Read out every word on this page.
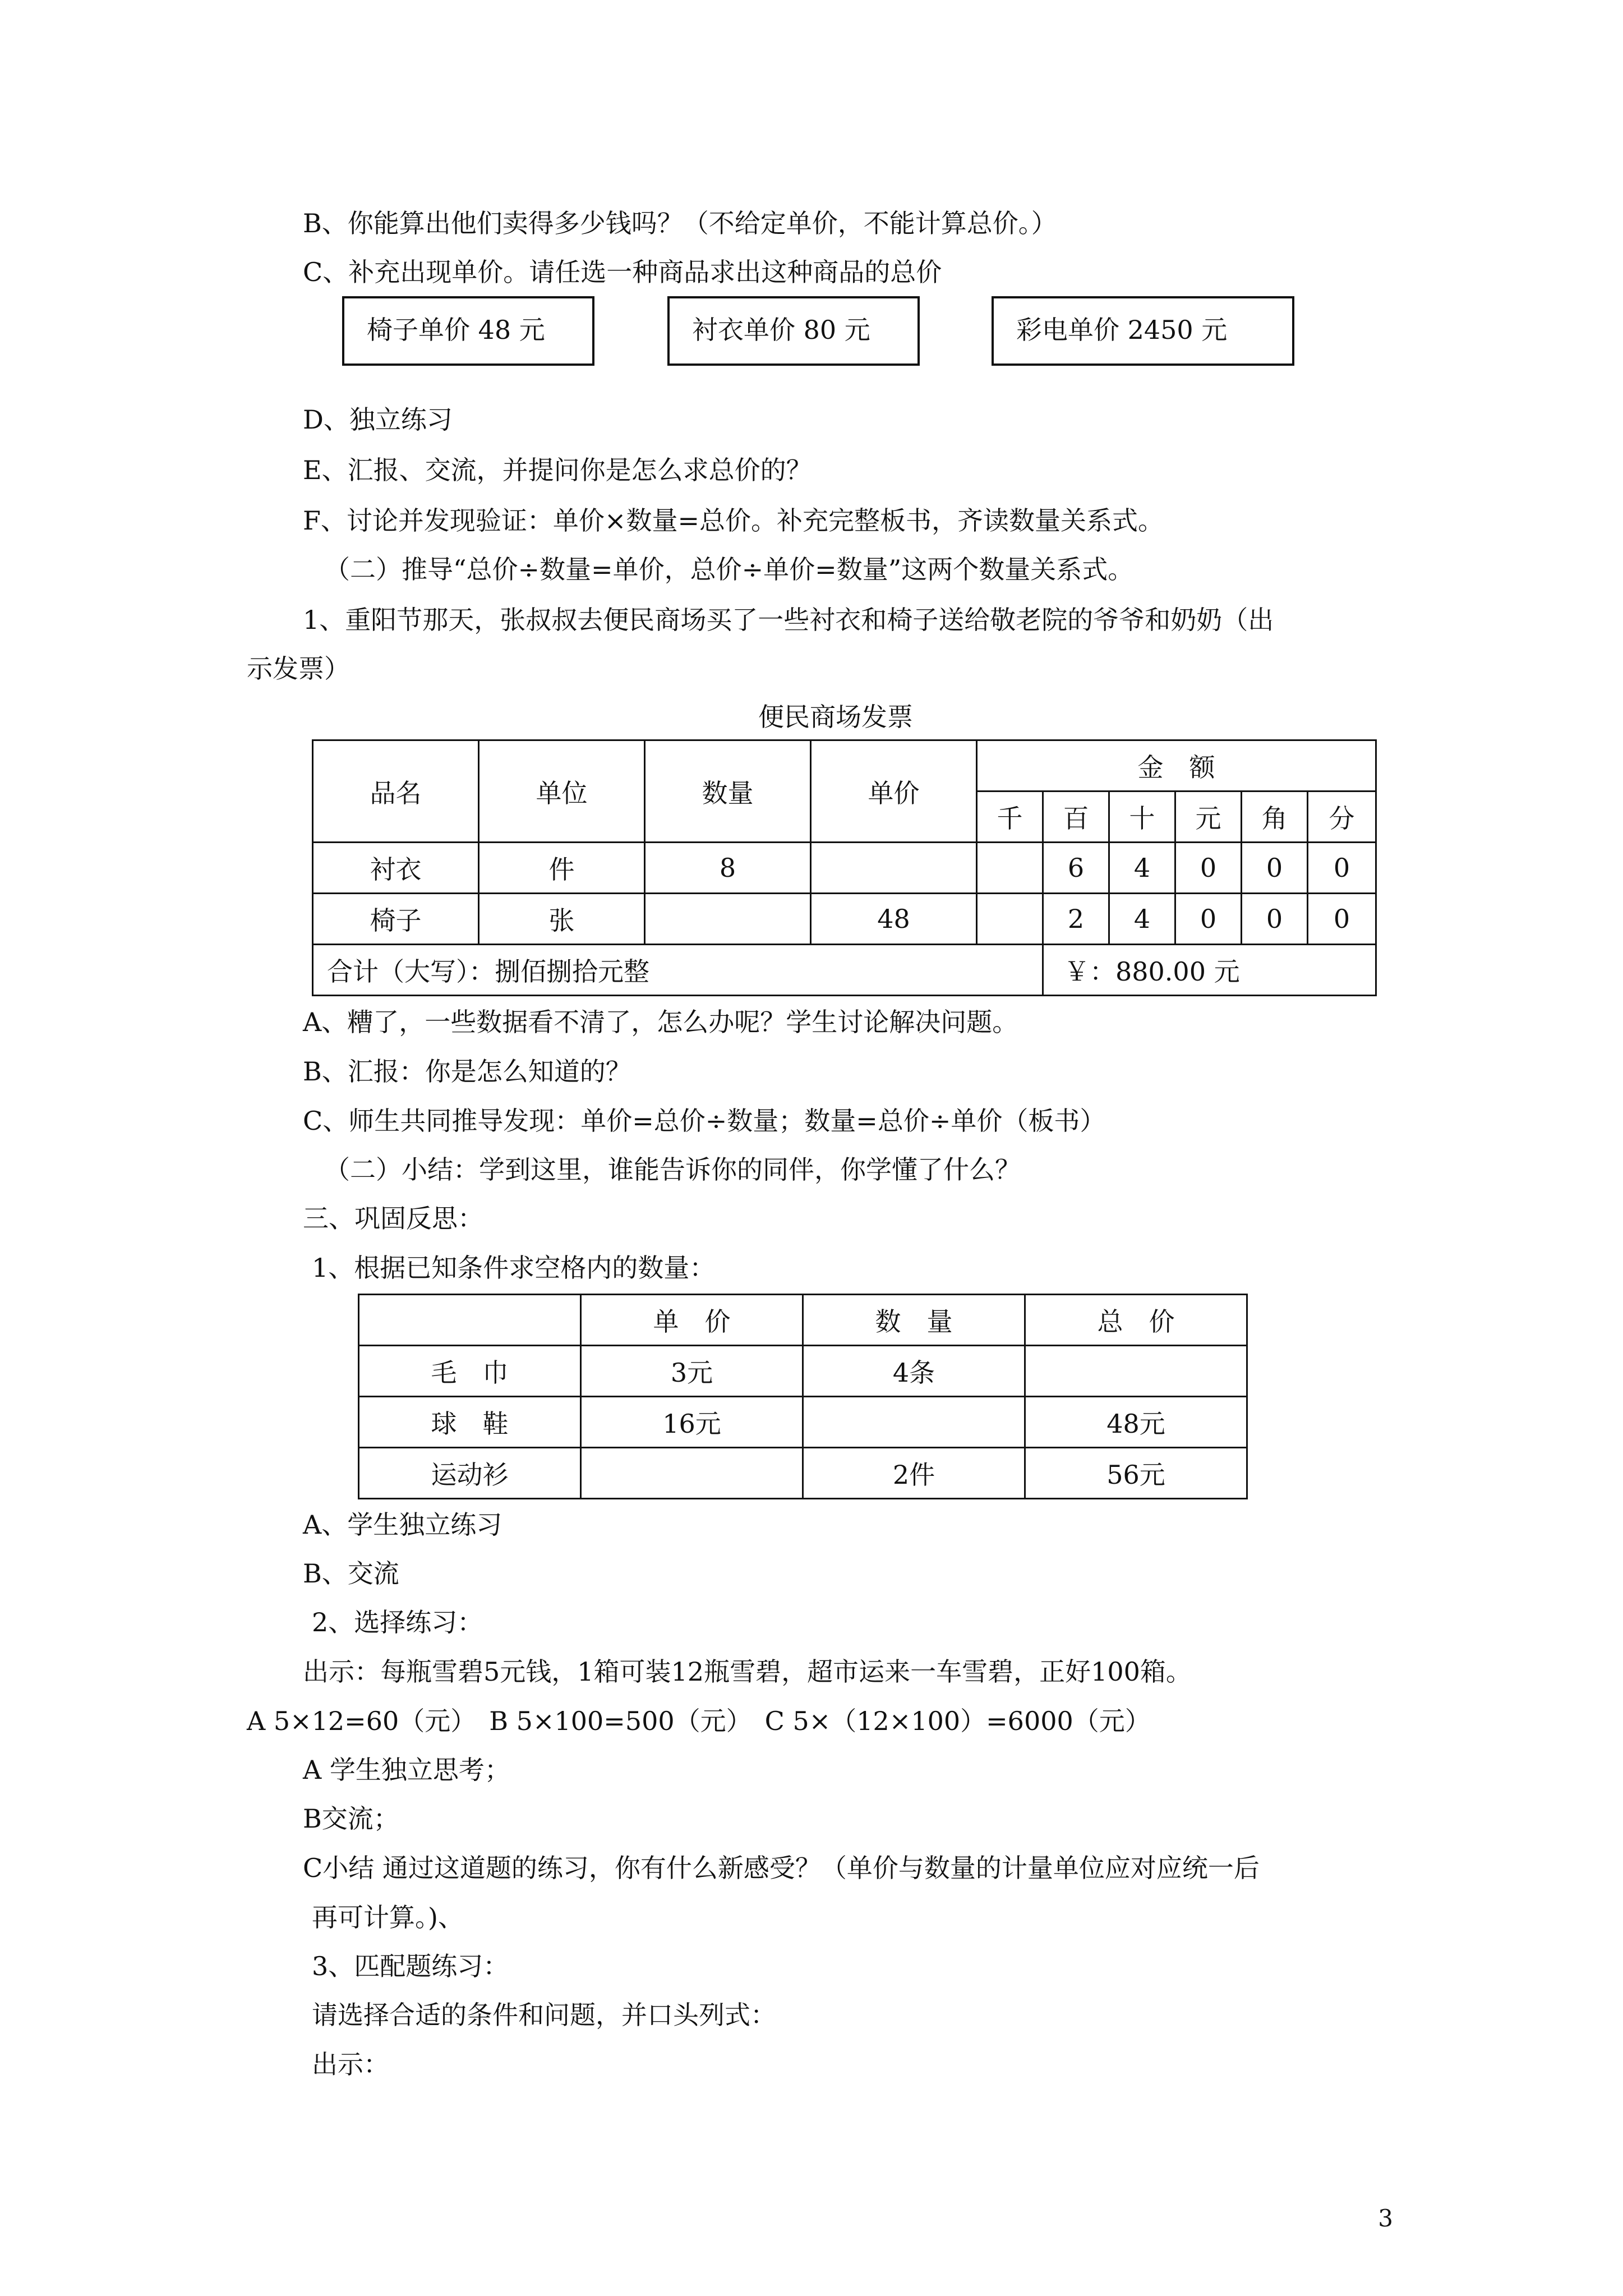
B、你能算出他们卖得多少钱吗？（不给定单价，不能计算总价。）
C、补充出现单价。请任选一种商品求出这种商品的总价
椅子单价 48 元	衬衣单价 80 元	彩电单价 2450 元
D、独立练习
E、汇报、交流，并提问你是怎么求总价的？
F、讨论并发现验证：单价×数量=总价。补充完整板书，齐读数量关系式。
（二）推导“总价÷数量=单价，总价÷单价=数量”这两个数量关系式。
1、重阳节那天，张叔叔去便民商场买了一些衬衣和椅子送给敬老院的爷爷和奶奶（出
示发票）
便民商场发票
品名	单位	数量	单价	金　额					
				千	百	十	元	角	分
衬衣	件	8			6	4	0	0	0
椅子	张		48		2	4	0	0	0
合计（大写）：捌佰捌拾元整					￥：880.00 元				
A、糟了，一些数据看不清了，怎么办呢？学生讨论解决问题。
B、汇报：你是怎么知道的？
C、师生共同推导发现：单价=总价÷数量；数量=总价÷单价（板书）
（二）小结：学到这里，谁能告诉你的同伴，你学懂了什么？
三、巩固反思：
1、根据已知条件求空格内的数量：
	单　价	数　量	总　价
毛　巾	3元	4条	
球　鞋	16元		48元
运动衫		2件	56元
A、学生独立练习
B、交流
2、选择练习：
出示：每瓶雪碧5元钱，1箱可装12瓶雪碧，超市运来一车雪碧，正好100箱。
A 5×12=60（元）　B 5×100=500（元）　C 5×（12×100）=6000（元）
A 学生独立思考；
B交流；
C小结 通过这道题的练习，你有什么新感受？（单价与数量的计量单位应对应统一后
再可计算。)、
3、匹配题练习：
请选择合适的条件和问题，并口头列式：
出示：
3
